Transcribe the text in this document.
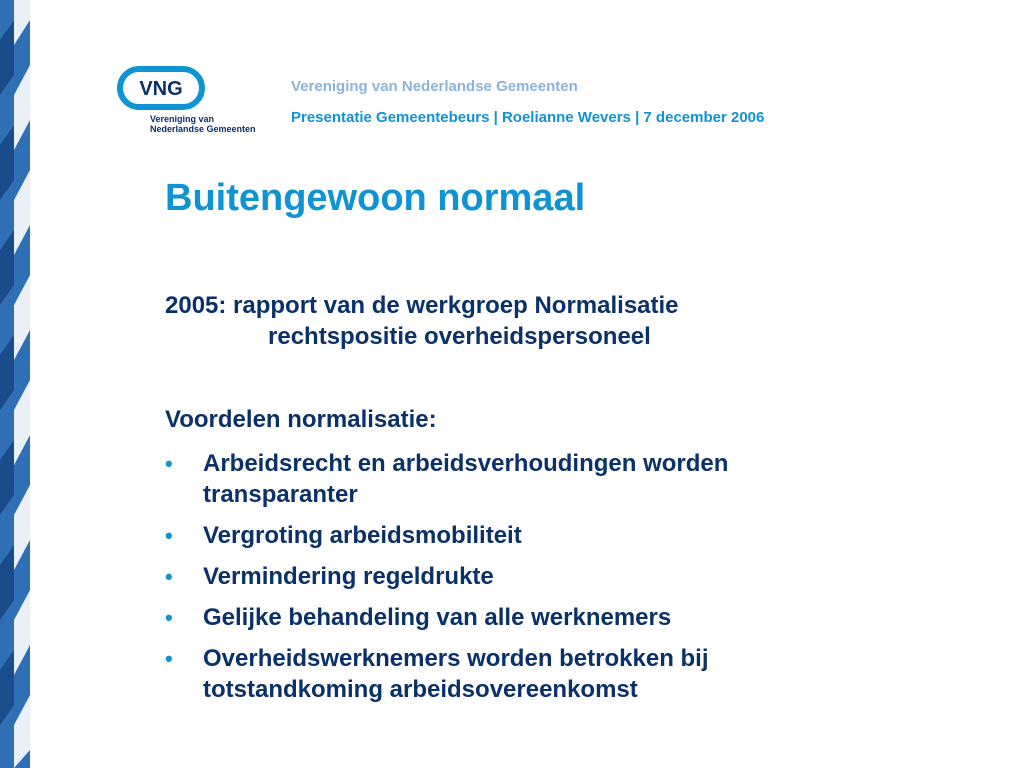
VNG
Vereniging van
Nederlandse Gemeenten
Vereniging van Nederlandse Gemeenten
Presentatie Gemeentebeurs | Roelianne Wevers | 7 december 2006
Buitengewoon normaal
2005: rapport van de werkgroep Normalisatie
rechtspositie overheidspersoneel
Voordelen normalisatie:
•	Arbeidsrecht en arbeidsverhoudingen worden transparanter
•	Vergroting arbeidsmobiliteit
•	Vermindering regeldrukte
•	Gelijke behandeling van alle werknemers
•	Overheidswerknemers worden betrokken bij totstandkoming arbeidsovereenkomst
